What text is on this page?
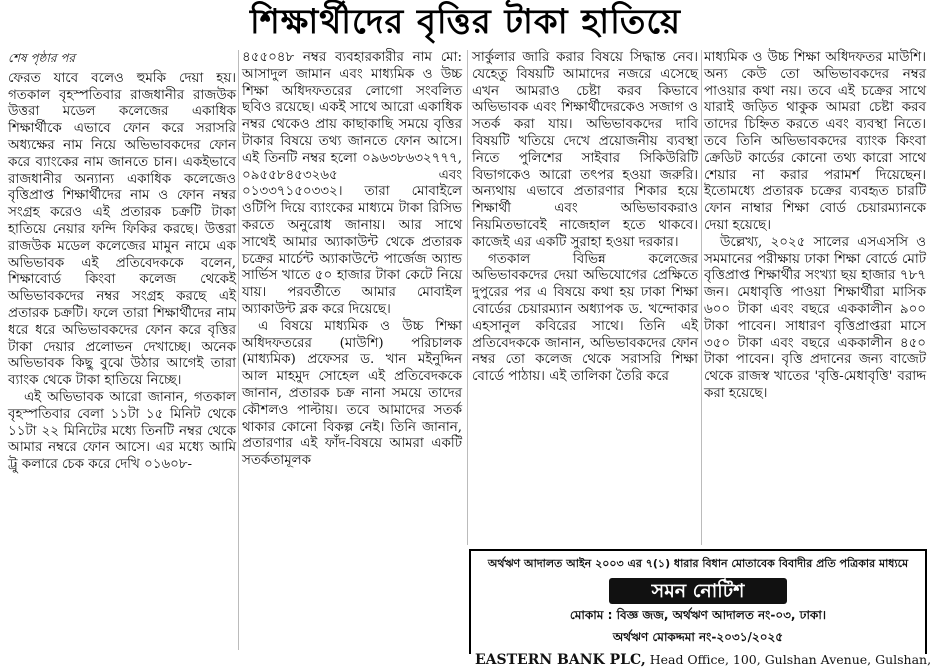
শিক্ষার্থীদের বৃত্তির টাকা হাতিয়ে
শেষ পৃষ্ঠার পর

ফেরত যাবে বলেও হুমকি দেয়া হয়। গতকাল বৃহস্পতিবার রাজধানীর রাজউক উত্তরা মডেল কলেজের একাধিক শিক্ষার্থীকে এভাবে ফোন করে সরাসরি অধ্যক্ষের নাম নিয়ে অভিভাবকদের ফোন করে ব্যাংকের নাম জানতে চান। একইভাবে রাজধানীর অন্যান্য একাধিক কলেজেও বৃত্তিপ্রাপ্ত শিক্ষার্থীদের নাম ও ফোন নম্বর সংগ্রহ করেও এই প্রতারক চক্রটি টাকা হাতিয়ে নেয়ার ফন্দি ফিকির করছে। উত্তরা রাজউক মডেল কলেজের মামুন নামে এক অভিভাবক এই প্রতিবেদককে বলেন, শিক্ষাবোর্ড কিংবা কলেজ থেকেই অভিভাবকদের নম্বর সংগ্রহ করছে এই প্রতারক চক্রটি। ফলে তারা শিক্ষার্থীদের নাম ধরে ধরে অভিভাবকদের ফোন করে বৃত্তির টাকা দেয়ার প্রলোভন দেখাচ্ছে। অনেক অভিভাবক কিছু বুঝে উঠার আগেই তারা ব্যাংক থেকে টাকা হাতিয়ে নিচ্ছে।

এই অভিভাবক আরো জানান, গতকাল বৃহস্পতিবার বেলা ১১টা ১৫ মিনিট থেকে ১১টা ২২ মিনিটের মধ্যে তিনটি নম্বর থেকে আমার নম্বরে ফোন আসে। এর মধ্যে আমি ট্রু কলারে চেক করে দেখি ০১৬০৮-

৪৫৫০৪৮ নম্বর ব্যবহারকারীর নাম মো: আসাদুল জামান এবং মাধ্যমিক ও উচ্চ শিক্ষা অধিদফতরের লোগো সংবলিত ছবিও রয়েছে। একই সাথে আরো একাধিক নম্বর থেকেও প্রায় কাছাকাছি সময়ে বৃত্তির টাকার বিষয়ে তথ্য জানতে ফোন আসে। এই তিনটি নম্বর হলো ০৯৬৩৮৬৩২৭৭৭, ০৯৫৫৮৪৫৩২৬৫ এবং ০১৩৩৭১৫০৩৩২। তারা মোবাইলে ওটিপি দিয়ে ব্যাংকের মাধ্যমে টাকা রিসিভ করতে অনুরোধ জানায়। আর সাথে সাথেই আমার অ্যাকাউন্ট থেকে প্রতারক চক্রের মার্চেন্ট অ্যাকাউন্টে পার্জেজ অ্যান্ড সার্ভিস খাতে ৫০ হাজার টাকা কেটে নিয়ে যায়। পরবর্তীতে আমার মোবাইল অ্যাকাউন্ট ব্লক করে দিয়েছে।

এ বিষয়ে মাধ্যমিক ও উচ্চ শিক্ষা অধিদফতরের (মাউশি) পরিচালক (মাধ্যমিক) প্রফেসর ড. খান মইনুদ্দিন আল মাহমুদ সোহেল এই প্রতিবেদককে জানান, প্রতারক চক্র নানা সময়ে তাদের কৌশলও পাল্টায়। তবে আমাদের সতর্ক থাকার কোনো বিকল্প নেই। তিনি জানান, প্রতারণার এই ফাঁদ-বিষয়ে আমরা একটি সতর্কতামূলক

সার্কুলার জারি করার বিষয়ে সিদ্ধান্ত নেব। যেহেতু বিষয়টি আমাদের নজরে এসেছে এখন আমরাও চেষ্টা করব কিভাবে অভিভাবক এবং শিক্ষার্থীদেরকেও সজাগ ও সতর্ক করা যায়। অভিভাবকদের দাবি বিষয়টি খতিয়ে দেখে প্রয়োজনীয় ব্যবস্থা নিতে পুলিশের সাইবার সিকিউরিটি বিভাগকেও আরো তৎপর হওয়া জরুরি। অন্যথায় এভাবে প্রতারণার শিকার হয়ে শিক্ষার্থী এবং অভিভাবকরাও নিয়মিতভাবেই নাজেহাল হতে থাকবে। কাজেই এর একটি সুরাহা হওয়া দরকার।

গতকাল বিভিন্ন কলেজের অভিভাবকদের দেয়া অভিযোগের প্রেক্ষিতে দুপুরের পর এ বিষয়ে কথা হয় ঢাকা শিক্ষা বোর্ডের চেয়ারম্যান অধ্যাপক ড. খন্দোকার এহসানুল কবিরের সাথে। তিনি এই প্রতিবেদককে জানান, অভিভাবকদের ফোন নম্বর তো কলেজ থেকে সরাসরি শিক্ষা বোর্ডে পাঠায়। এই তালিকা তৈরি করে

মাধ্যমিক ও উচ্চ শিক্ষা অধিদফতর মাউশি। অন্য কেউ তো অভিভাবকদের নম্বর পাওয়ার কথা নয়। তবে এই চক্রের সাথে যারাই জড়িত থাকুক আমরা চেষ্টা করব তাদের চিহ্নিত করতে এবং ব্যবস্থা নিতে। তবে তিনি অভিভাবকদের ব্যাংক কিংবা ক্রেডিট কার্ডের কোনো তথ্য কারো সাথে শেয়ার না করার পরামর্শ দিয়েছেন। ইতোমধ্যে প্রতারক চক্রের ব্যবহৃত চারটি ফোন নাম্বার শিক্ষা বোর্ড চেয়ারম্যানকে দেয়া হয়েছে।

উল্লেখ্য, ২০২৫ সালের এসএসসি ও সমমানের পরীক্ষায় ঢাকা শিক্ষা বোর্ডে মোট বৃত্তিপ্রাপ্ত শিক্ষার্থীর সংখ্যা ছয় হাজার ৭৮৭ জন। মেধাবৃত্তি পাওয়া শিক্ষার্থীরা মাসিক ৬০০ টাকা এবং বছরে এককালীন ৯০০ টাকা পাবেন। সাধারণ বৃত্তিপ্রাপ্তরা মাসে ৩৫০ টাকা এবং বছরে এককালীন ৪৫০ টাকা পাবেন। বৃত্তি প্রদানের জন্য বাজেট থেকে রাজস্ব খাতের 'বৃত্তি-মেধাবৃত্তি' বরাদ্দ করা হয়েছে।

অর্থঋণ আদালত আইন ২০০৩ এর ৭(১) ধারার বিধান মোতাবেক বিবাদীর প্রতি পত্রিকার মাধ্যমে
সমন নোটিশ
মোকাম : বিজ্ঞ জজ, অর্থঋণ আদালত নং-০৩, ঢাকা।
অর্থঋণ মোকদ্দমা নং-২০৩১/২০২৫
EASTERN BANK PLC, Head Office, 100, Gulshan Avenue, Gulshan,
